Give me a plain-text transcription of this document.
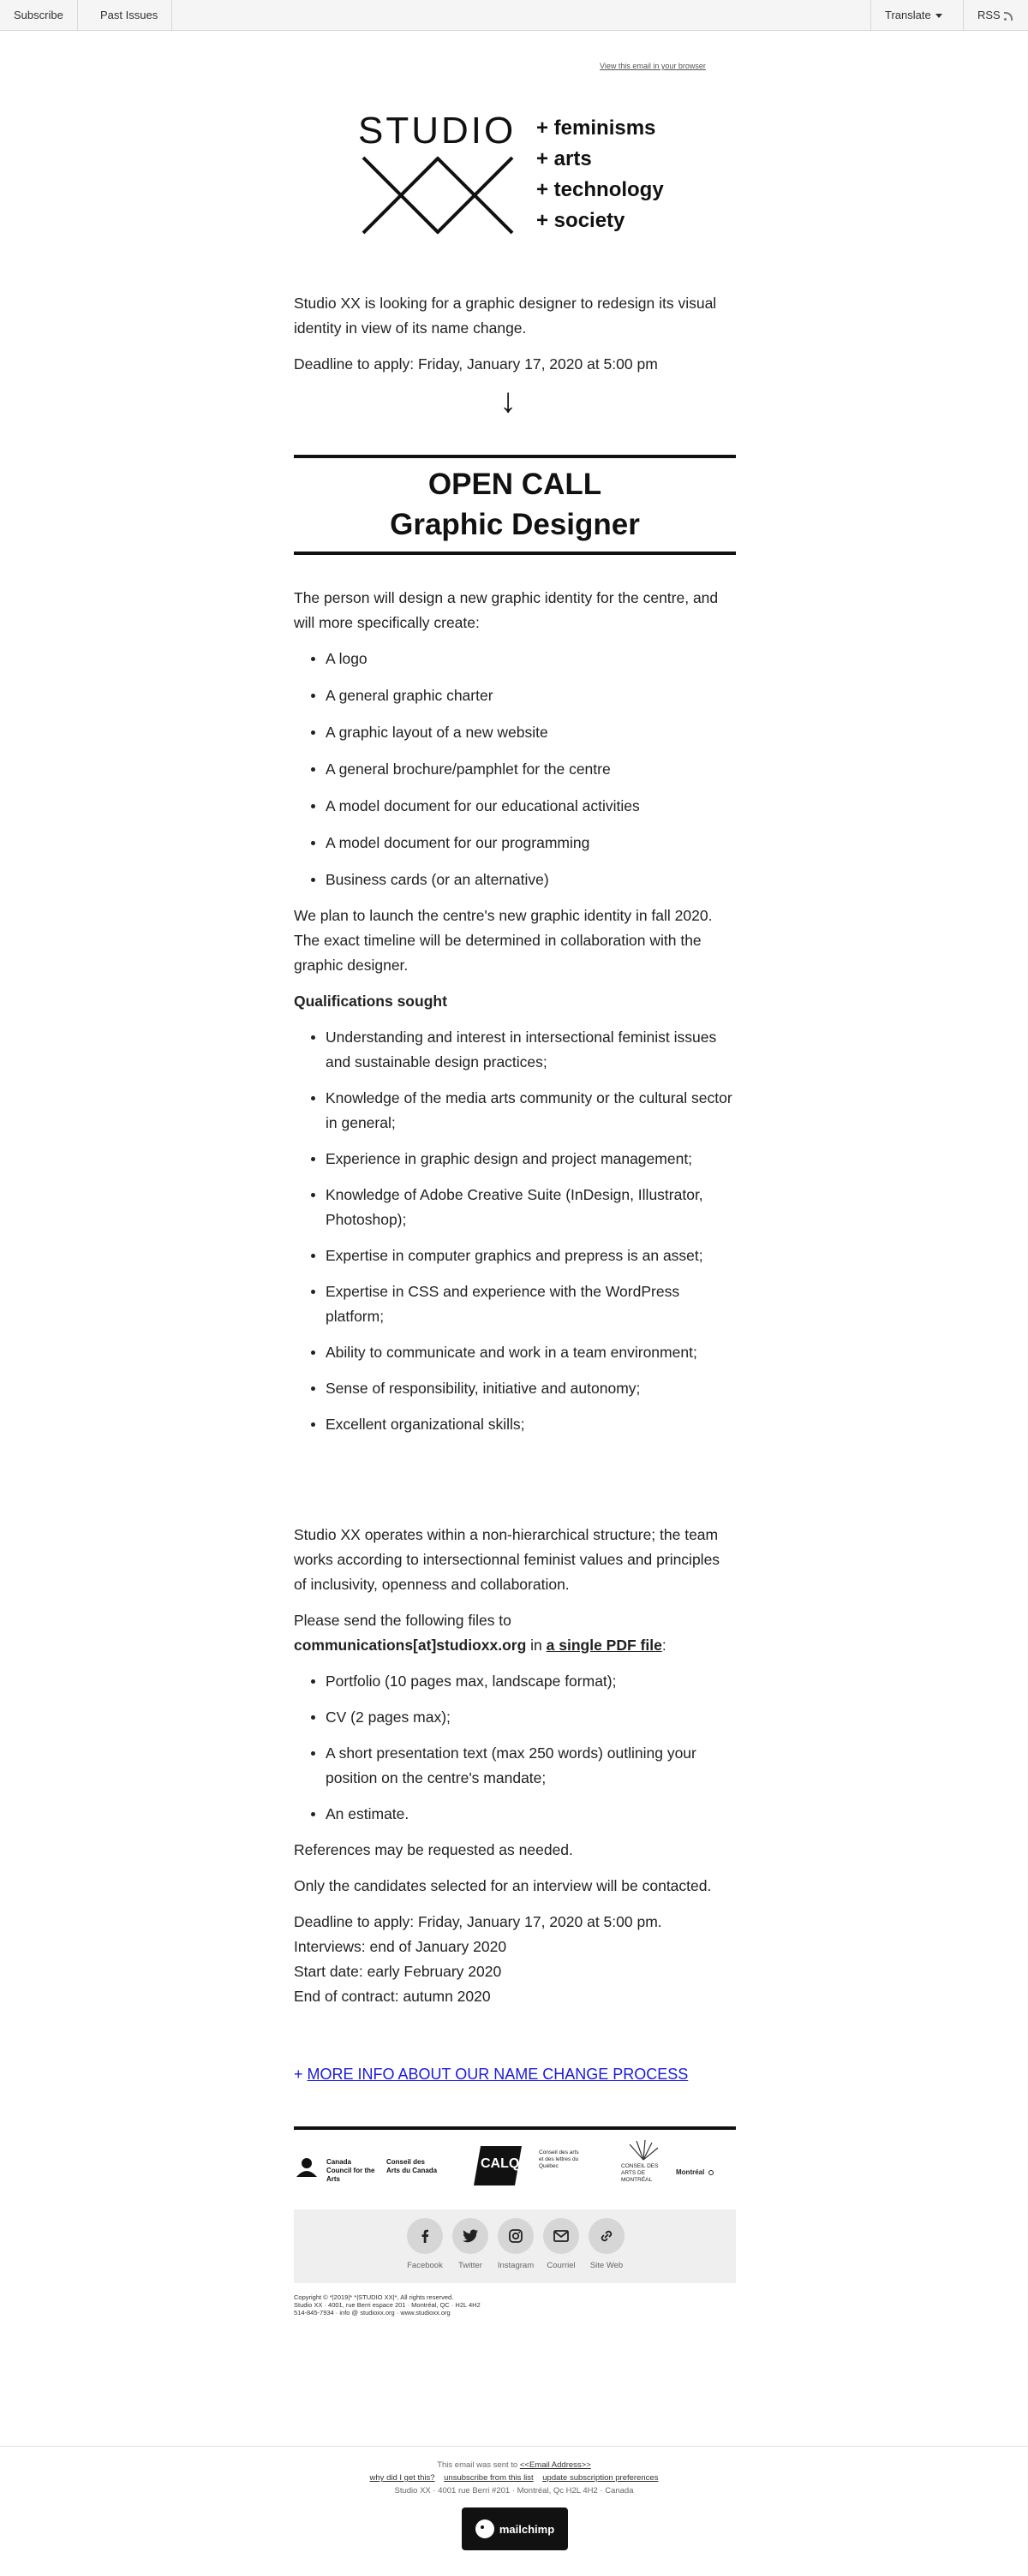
Subscribe	Past Issues	Translate	RSS
View this email in your browser
STUDIO + feminisms
+ arts
+ technology
+ society

Studio XX is looking for a graphic designer to redesign its visual identity in view of its name change.

Deadline to apply: Friday, January 17, 2020 at 5:00 pm

↓
OPEN CALL
Graphic Designer

The person will design a new graphic identity for the centre, and will more specifically create:

A logo
A general graphic charter
A graphic layout of a new website
A general brochure/pamphlet for the centre
A model document for our educational activities
A model document for our programming
Business cards (or an alternative)

We plan to launch the centre's new graphic identity in fall 2020. The exact timeline will be determined in collaboration with the graphic designer.

Qualifications sought

Understanding and interest in intersectional feminist issues and sustainable design practices;
Knowledge of the media arts community or the cultural sector in general;
Experience in graphic design and project management;
Knowledge of Adobe Creative Suite (InDesign, Illustrator, Photoshop);
Expertise in computer graphics and prepress is an asset;
Expertise in CSS and experience with the WordPress platform;
Ability to communicate and work in a team environment;
Sense of responsibility, initiative and autonomy;
Excellent organizational skills;

Studio XX operates within a non-hierarchical structure; the team works according to intersectionnal feminist values and principles of inclusivity, openness and collaboration.

Please send the following files to
communications[at]studioxx.org in a single PDF file:

Portfolio (10 pages max, landscape format);
CV (2 pages max);
A short presentation text (max 250 words) outlining your position on the centre's mandate;
An estimate.

References may be requested as needed.

Only the candidates selected for an interview will be contacted.

Deadline to apply: Friday, January 17, 2020 at 5:00 pm.
Interviews: end of January 2020
Start date: early February 2020
End of contract: autumn 2020
+ MORE INFO ABOUT OUR NAME CHANGE PROCESS
Canada Council for the Arts
Conseil des Arts du Canada	CALQ
Conseil des arts et des lettres du Québec	CONSEIL DES ARTS DE MONTRÉAL
Montréal
Facebook	Twitter	Instagram	Courriel	Site Web
Copyright © *|2019|* *|STUDIO XX|*, All rights reserved.
Studio XX · 4001, rue Berri espace 201 · Montréal, QC · H2L 4H2
514-845-7934 · info @ studioxx.org · www.studioxx.org
This email was sent to <<Email Address>>
why did I get this? unsubscribe from this list update subscription preferences
Studio XX · 4001 rue Berri #201 · Montréal, Qc H2L 4H2 · Canada
mailchimp
